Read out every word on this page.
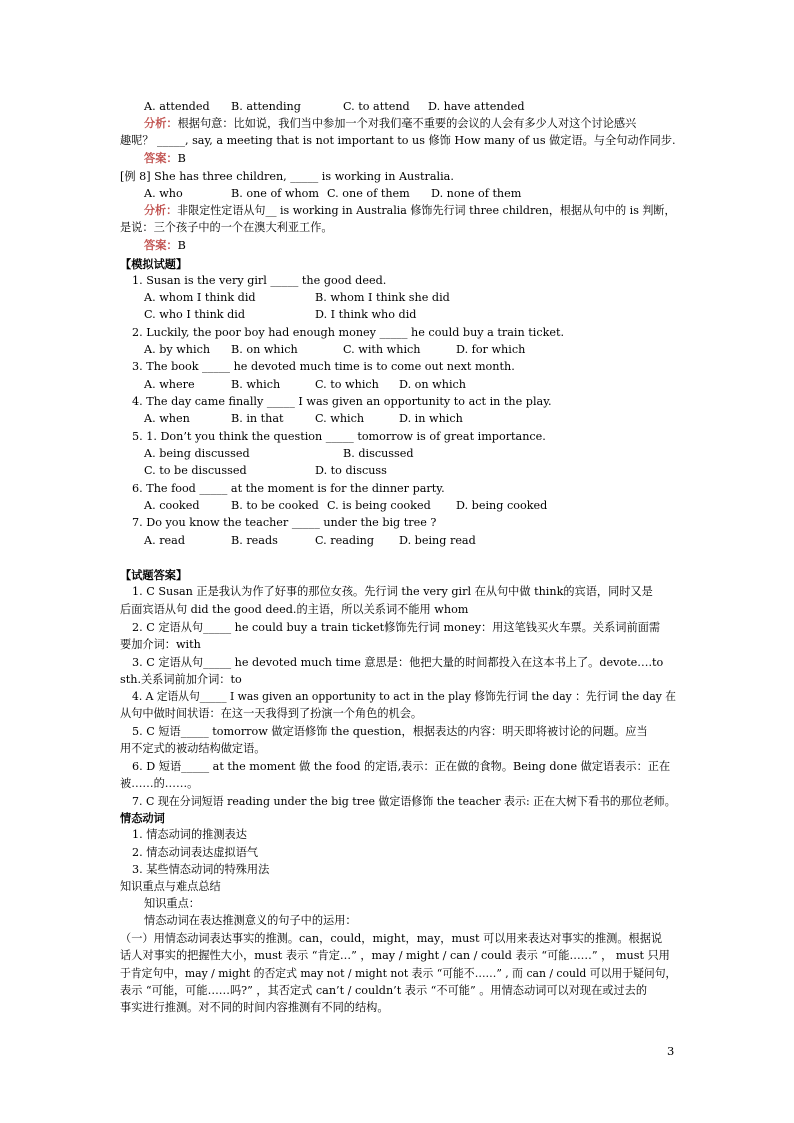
A. attended B. attending	C. to attend D. have attended
分析：根据句意：比如说，我们当中参加一个对我们毫不重要的会议的人会有多少人对这个讨论感兴
趣呢？ _____, say, a meeting that is not important to us 修饰 How many of us 做定语。与全句动作同步.
答案：B
[例 8] She has three children, _____ is working in Australia.
A. who	B. one of whom C. one of them D. none of them
分析：非限定性定语从句__ is working in Australia 修饰先行词 three children，根据从句中的 is 判断，
是说：三个孩子中的一个在澳大利亚工作。
答案：B
【模拟试题】
1. Susan is the very girl _____ the good deed.
A. whom I think did	B. whom I think she did
C. who I think did	D. I think who did
2. Luckily, the poor boy had enough money _____ he could buy a train ticket.
A. by which B. on which	C. with which	D. for which
3. The book _____ he devoted much time is to come out next month.
A. where	B. which	C. to which D. on which
4. The day came finally _____ I was given an opportunity to act in the play.
A. when	B. in that	C. which	D. in which
5. 1. Don’t you think the question _____ tomorrow is of great importance.
A. being discussed	B. discussed
C. to be discussed	D. to discuss
6. The food _____ at the moment is for the dinner party.
A. cooked	B. to be cooked C. is being cooked D. being cooked
7. Do you know the teacher _____ under the big tree ?
A. read	B. reads	C. reading D. being read
【试题答案】
1. C Susan 正是我认为作了好事的那位女孩。先行词 the very girl 在从句中做 think的宾语，同时又是
后面宾语从句 did the good deed.的主语，所以关系词不能用 whom
2. C 定语从句_____ he could buy a train ticket修饰先行词 money：用这笔钱买火车票。关系词前面需
要加介词：with
3. C 定语从句_____ he devoted much time 意思是：他把大量的时间都投入在这本书上了。devote….to
sth.关系词前加介词：to
4. A 定语从句_____ I was given an opportunity to act in the play 修饰先行词 the day ：先行词 the day 在
从句中做时间状语：在这一天我得到了扮演一个角色的机会。
5. C 短语_____ tomorrow 做定语修饰 the question，根据表达的内容：明天即将被讨论的问题。应当
用不定式的被动结构做定语。
6. D 短语_____ at the moment 做 the food 的定语,表示：正在做的食物。Being done 做定语表示：正在
被……的……。
7. C 现在分词短语 reading under the big tree 做定语修饰 the teacher 表示: 正在大树下看书的那位老师。
情态动词
1. 情态动词的推测表达
2. 情态动词表达虚拟语气
3. 某些情态动词的特殊用法
知识重点与难点总结
知识重点：
情态动词在表达推测意义的句子中的运用：
（一）用情态动词表达事实的推测。can，could，might，may，must 可以用来表达对事实的推测。根据说
话人对事实的把握性大小，must 表示 “肯定…” ，may / might / can / could 表示 “可能……” ， must 只用
于肯定句中，may / might 的否定式 may not / might not 表示 “可能不……” , 而 can / could 可以用于疑问句，
表示 “可能，可能……吗?” ，其否定式 can’t / couldn’t 表示 “不可能” 。用情态动词可以对现在或过去的
事实进行推测。对不同的时间内容推测有不同的结构。
3
